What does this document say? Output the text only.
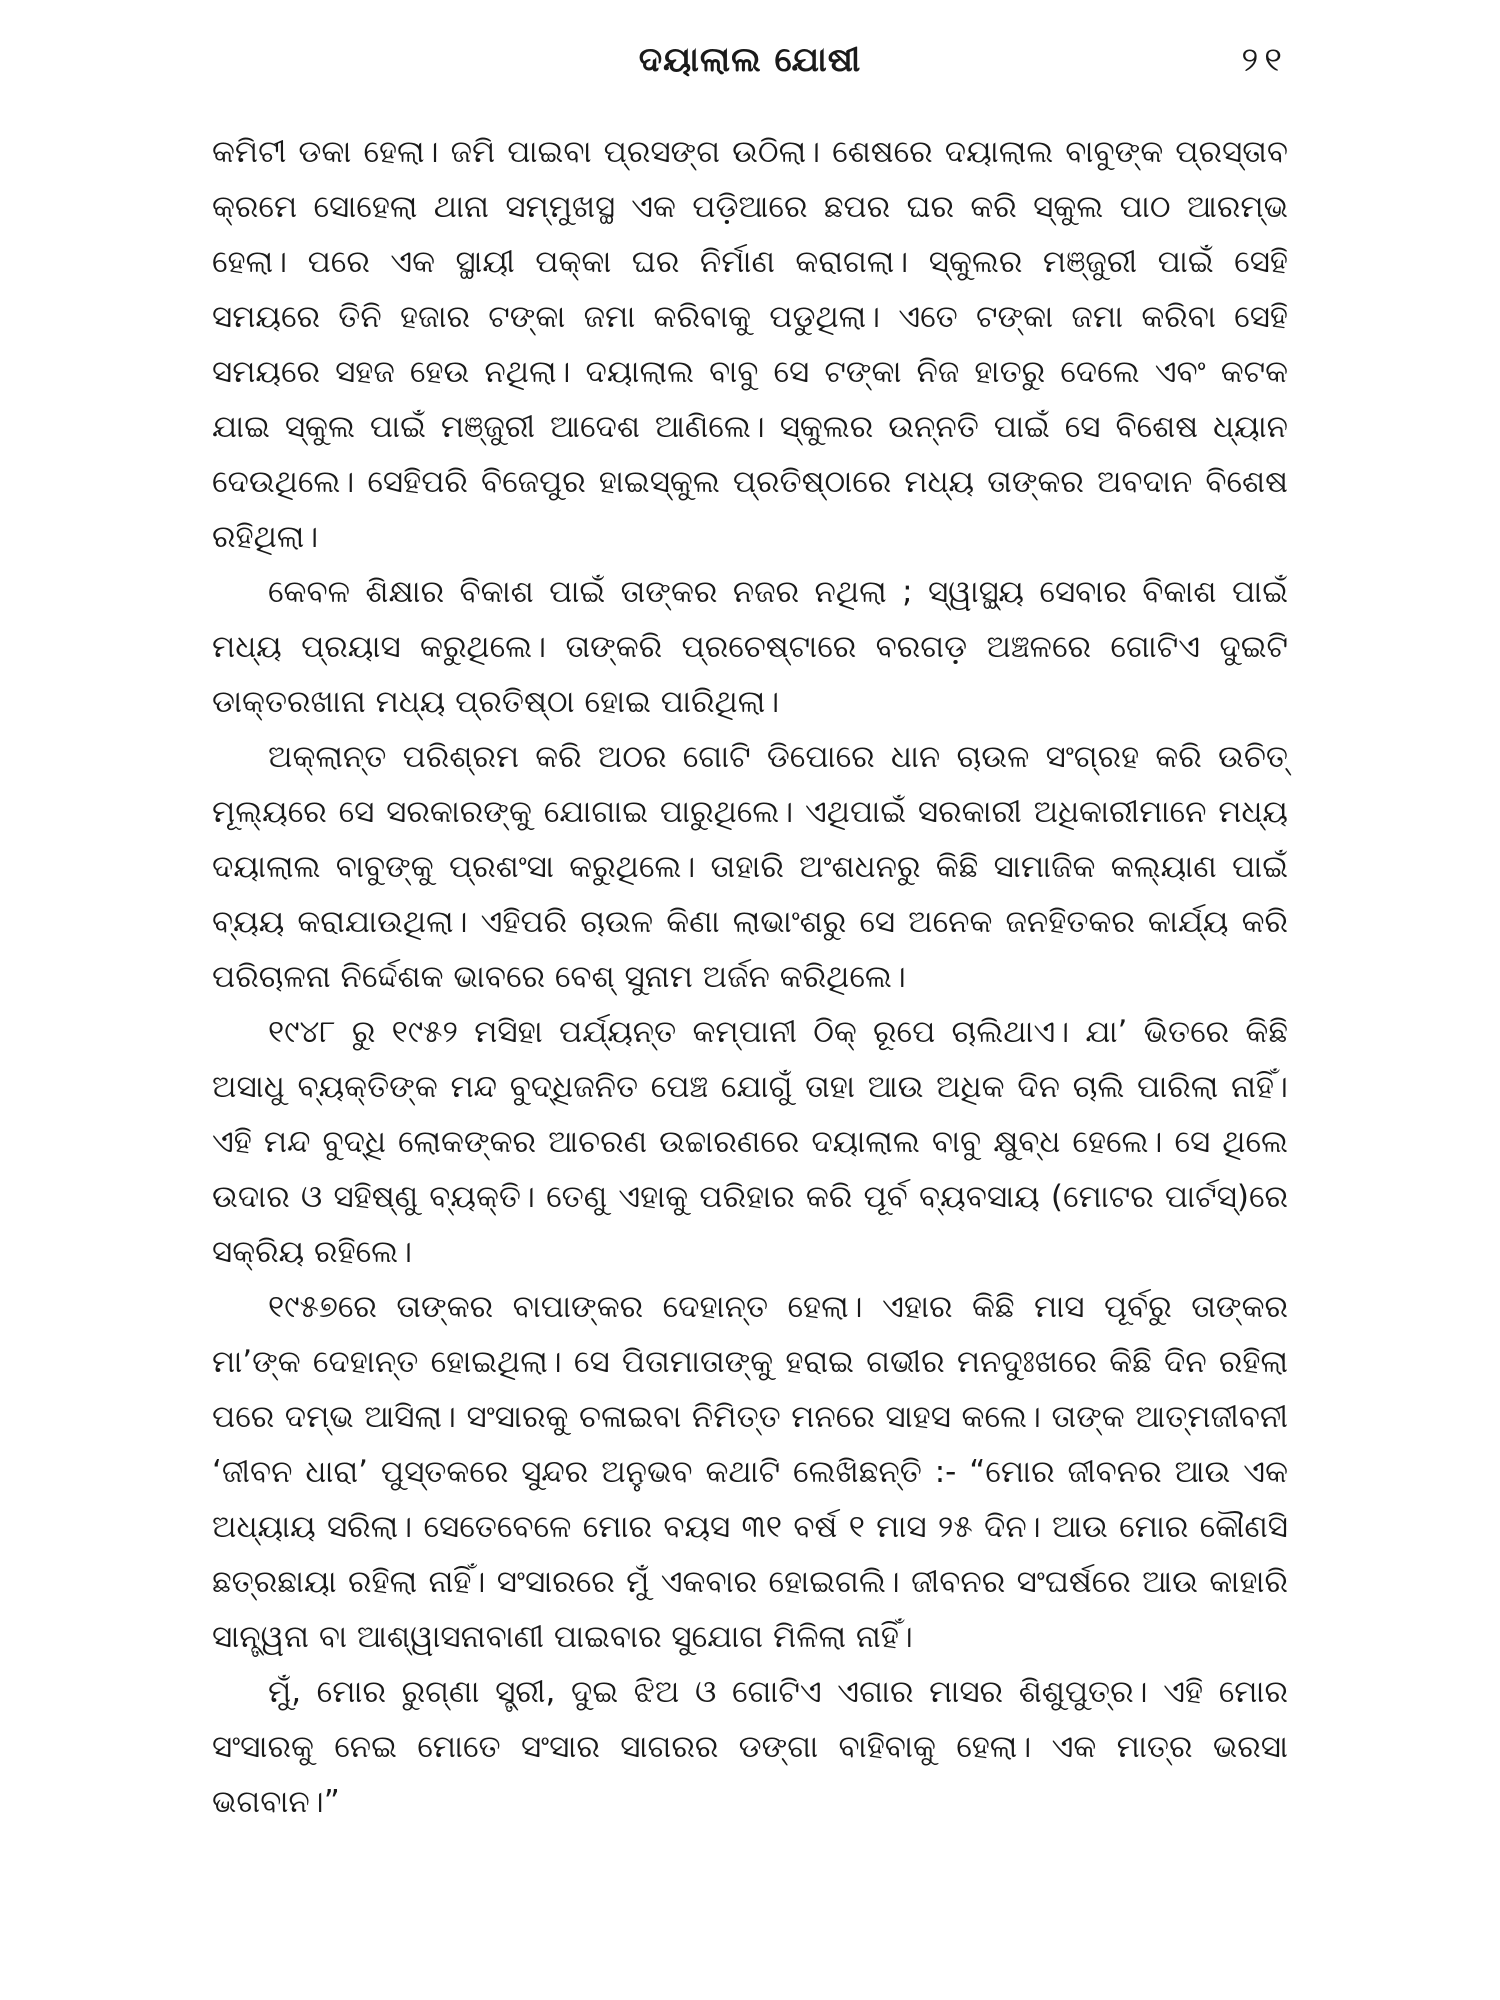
ଦୟାଲାଲ ଯୋଷୀ	୨୧

କମିଟୀ ଡକା ହେଲା। ଜମି ପାଇବା ପ୍ରସଙ୍ଗ ଉଠିଲା। ଶେଷରେ ଦୟାଲାଲ ବାବୁଙ୍କ ପ୍ରସ୍ତାବ କ୍ରମେ ସୋହେଲା ଥାନା ସମ୍ମୁଖସ୍ଥ ଏକ ପଡ଼ିଆରେ ଛପର ଘର କରି ସ୍କୁଲ ପାଠ ଆରମ୍ଭ ହେଲା। ପରେ ଏକ ସ୍ଥାୟୀ ପକ୍କା ଘର ନିର୍ମାଣ କରାଗଲା। ସ୍କୁଲର ମଞ୍ଜୁରୀ ପାଇଁ ସେହି ସମୟରେ ତିନି ହଜାର ଟଙ୍କା ଜମା କରିବାକୁ ପଡୁଥିଲା। ଏତେ ଟଙ୍କା ଜମା କରିବା ସେହି ସମୟରେ ସହଜ ହେଉ ନଥିଲା। ଦୟାଲାଲ ବାବୁ ସେ ଟଙ୍କା ନିଜ ହାତରୁ ଦେଲେ ଏବଂ କଟକ ଯାଇ ସ୍କୁଲ ପାଇଁ ମଞ୍ଜୁରୀ ଆଦେଶ ଆଣିଲେ। ସ୍କୁଲର ଉନ୍ନତି ପାଇଁ ସେ ବିଶେଷ ଧ୍ୟାନ ଦେଉଥିଲେ। ସେହିପରି ବିଜେପୁର ହାଇସ୍କୁଲ ପ୍ରତିଷ୍ଠାରେ ମଧ୍ୟ ତାଙ୍କର ଅବଦାନ ବିଶେଷ ରହିଥିଲା।

କେବଳ ଶିକ୍ଷାର ବିକାଶ ପାଇଁ ତାଙ୍କର ନଜର ନଥିଲା ; ସ୍ୱାସ୍ଥ୍ୟ ସେବାର ବିକାଶ ପାଇଁ ମଧ୍ୟ ପ୍ରୟାସ କରୁଥିଲେ। ତାଙ୍କରି ପ୍ରଚେଷ୍ଟାରେ ବରଗଡ଼ ଅଞ୍ଚଳରେ ଗୋଟିଏ ଦୁଇଟି ଡାକ୍ତରଖାନା ମଧ୍ୟ ପ୍ରତିଷ୍ଠା ହୋଇ ପାରିଥିଲା।

ଅକ୍ଲାନ୍ତ ପରିଶ୍ରମ କରି ଅଠର ଗୋଟି ଡିପୋରେ ଧାନ ଚାଉଳ ସଂଗ୍ରହ କରି ଉଚିତ୍ ମୂଲ୍ୟରେ ସେ ସରକାରଙ୍କୁ ଯୋଗାଇ ପାରୁଥିଲେ। ଏଥିପାଇଁ ସରକାରୀ ଅଧିକାରୀମାନେ ମଧ୍ୟ ଦୟାଲାଲ ବାବୁଙ୍କୁ ପ୍ରଶଂସା କରୁଥିଲେ। ତାହାରି ଅଂଶଧନରୁ କିଛି ସାମାଜିକ କଲ୍ୟାଣ ପାଇଁ ବ୍ୟୟ କରାଯାଉଥିଲା। ଏହିପରି ଚାଉଳ କିଣା ଲାଭାଂଶରୁ ସେ ଅନେକ ଜନହିତକର କାର୍ଯ୍ୟ କରି ପରିଚାଳନା ନିର୍ଦ୍ଦେଶକ ଭାବରେ ବେଶ୍ ସୁନାମ ଅର୍ଜନ କରିଥିଲେ।

୧୯୪୮ ରୁ ୧୯୫୨ ମସିହା ପର୍ଯ୍ୟନ୍ତ କମ୍ପାନୀ ଠିକ୍ ରୂପେ ଚାଲିଥାଏ। ଯା’ ଭିତରେ କିଛି ଅସାଧୁ ବ୍ୟକ୍ତିଙ୍କ ମନ୍ଦ ବୁଦ୍ଧିଜନିତ ପେଞ୍ଚ ଯୋଗୁଁ ତାହା ଆଉ ଅଧିକ ଦିନ ଚାଲି ପାରିଲା ନାହିଁ। ଏହି ମନ୍ଦ ବୁଦ୍ଧି ଲୋକଙ୍କର ଆଚରଣ ଉଚ୍ଚାରଣରେ ଦୟାଲାଲ ବାବୁ କ୍ଷୁବ୍ଧ ହେଲେ। ସେ ଥିଲେ ଉଦାର ଓ ସହିଷ୍ଣୁ ବ୍ୟକ୍ତି। ତେଣୁ ଏହାକୁ ପରିହାର କରି ପୂର୍ବ ବ୍ୟବସାୟ (ମୋଟର ପାର୍ଟସ୍)ରେ ସକ୍ରିୟ ରହିଲେ।

୧୯୫୭ରେ ତାଙ୍କର ବାପାଙ୍କର ଦେହାନ୍ତ ହେଲା। ଏହାର କିଛି ମାସ ପୂର୍ବରୁ ତାଙ୍କର ମା’ଙ୍କ ଦେହାନ୍ତ ହୋଇଥିଲା। ସେ ପିତାମାତାଙ୍କୁ ହରାଇ ଗଭୀର ମନଦୁଃଖରେ କିଛି ଦିନ ରହିଲା ପରେ ଦମ୍ଭ ଆସିଲା। ସଂସାରକୁ ଚଳାଇବା ନିମିତ୍ତ ମନରେ ସାହସ କଲେ। ତାଙ୍କ ଆତ୍ମଜୀବନୀ ‘ଜୀବନ ଧାରା’ ପୁସ୍ତକରେ ସୁନ୍ଦର ଅନୁଭବ କଥାଟି ଲେଖିଛନ୍ତି :- “ମୋର ଜୀବନର ଆଉ ଏକ ଅଧ୍ୟାୟ ସରିଲା। ସେତେବେଳେ ମୋର ବୟସ ୩୧ ବର୍ଷ ୧ ମାସ ୨୫ ଦିନ। ଆଉ ମୋର କୌଣସି ଛତ୍ରଛାୟା ରହିଲା ନାହିଁ। ସଂସାରରେ ମୁଁ ଏକବାର ହୋଇଗଲି। ଜୀବନର ସଂଘର୍ଷରେ ଆଉ କାହାରି ସାନ୍ତ୍ୱନା ବା ଆଶ୍ୱାସନାବାଣୀ ପାଇବାର ସୁଯୋଗ ମିଳିଲା ନାହିଁ।

ମୁଁ, ମୋର ରୁଗ୍ଣା ସ୍ତ୍ରୀ, ଦୁଇ ଝିଅ ଓ ଗୋଟିଏ ଏଗାର ମାସର ଶିଶୁପୁତ୍ର। ଏହି ମୋର ସଂସାରକୁ ନେଇ ମୋତେ ସଂସାର ସାଗରର ଡଙ୍ଗା ବାହିବାକୁ ହେଲା। ଏକ ମାତ୍ର ଭରସା ଭଗବାନ।”
